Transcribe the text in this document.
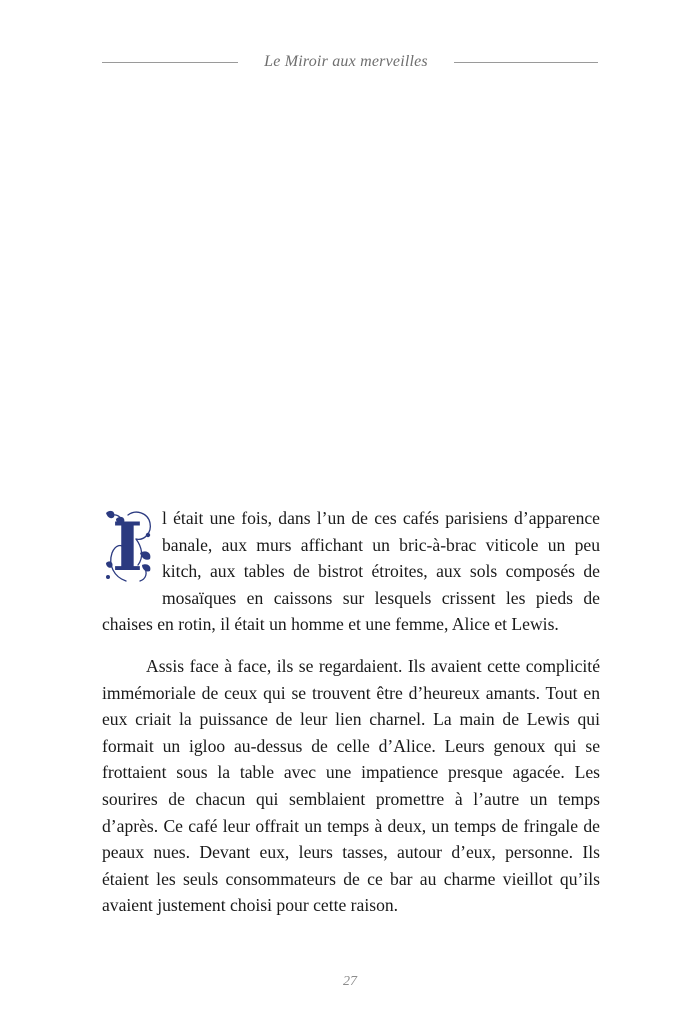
Le Miroir aux merveilles

I l était une fois, dans l’un de ces cafés parisiens d’apparence banale, aux murs affichant un bric-à-brac viticole un peu kitch, aux tables de bistrot étroites, aux sols composés de mosaïques en caissons sur lesquels crissent les pieds de chaises en rotin, il était un homme et une femme, Alice et Lewis.

Assis face à face, ils se regardaient. Ils avaient cette complicité immémoriale de ceux qui se trouvent être d’heureux amants. Tout en eux criait la puissance de leur lien charnel. La main de Lewis qui formait un igloo au-dessus de celle d’Alice. Leurs genoux qui se frottaient sous la table avec une impatience presque agacée. Les sourires de chacun qui semblaient promettre à l’autre un temps d’après. Ce café leur offrait un temps à deux, un temps de fringale de peaux nues. Devant eux, leurs tasses, autour d’eux, personne. Ils étaient les seuls consommateurs de ce bar au charme vieillot qu’ils avaient justement choisi pour cette raison.

27
